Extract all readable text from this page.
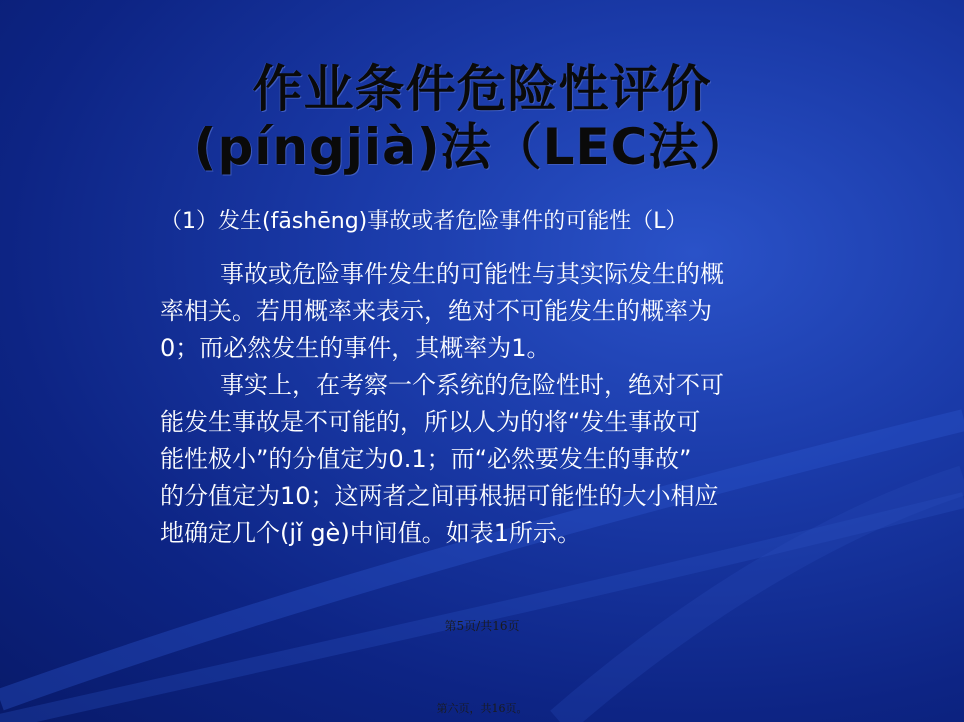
作业条件危险性评价
(píngjià)法（LEC法）
（1）发生(fāshēng)事故或者危险事件的可能性（L）

事故或危险事件发生的可能性与其实际发生的概

率相关。若用概率来表示，绝对不可能发生的概率为

0；而必然发生的事件，其概率为1。

事实上，在考察一个系统的危险性时，绝对不可

能发生事故是不可能的，所以人为的将“发生事故可

能性极小”的分值定为0.1；而“必然要发生的事故”

的分值定为10；这两者之间再根据可能性的大小相应

地确定几个(jǐ gè)中间值。如表1所示。

第5页/共16页
第六页，共16页。
